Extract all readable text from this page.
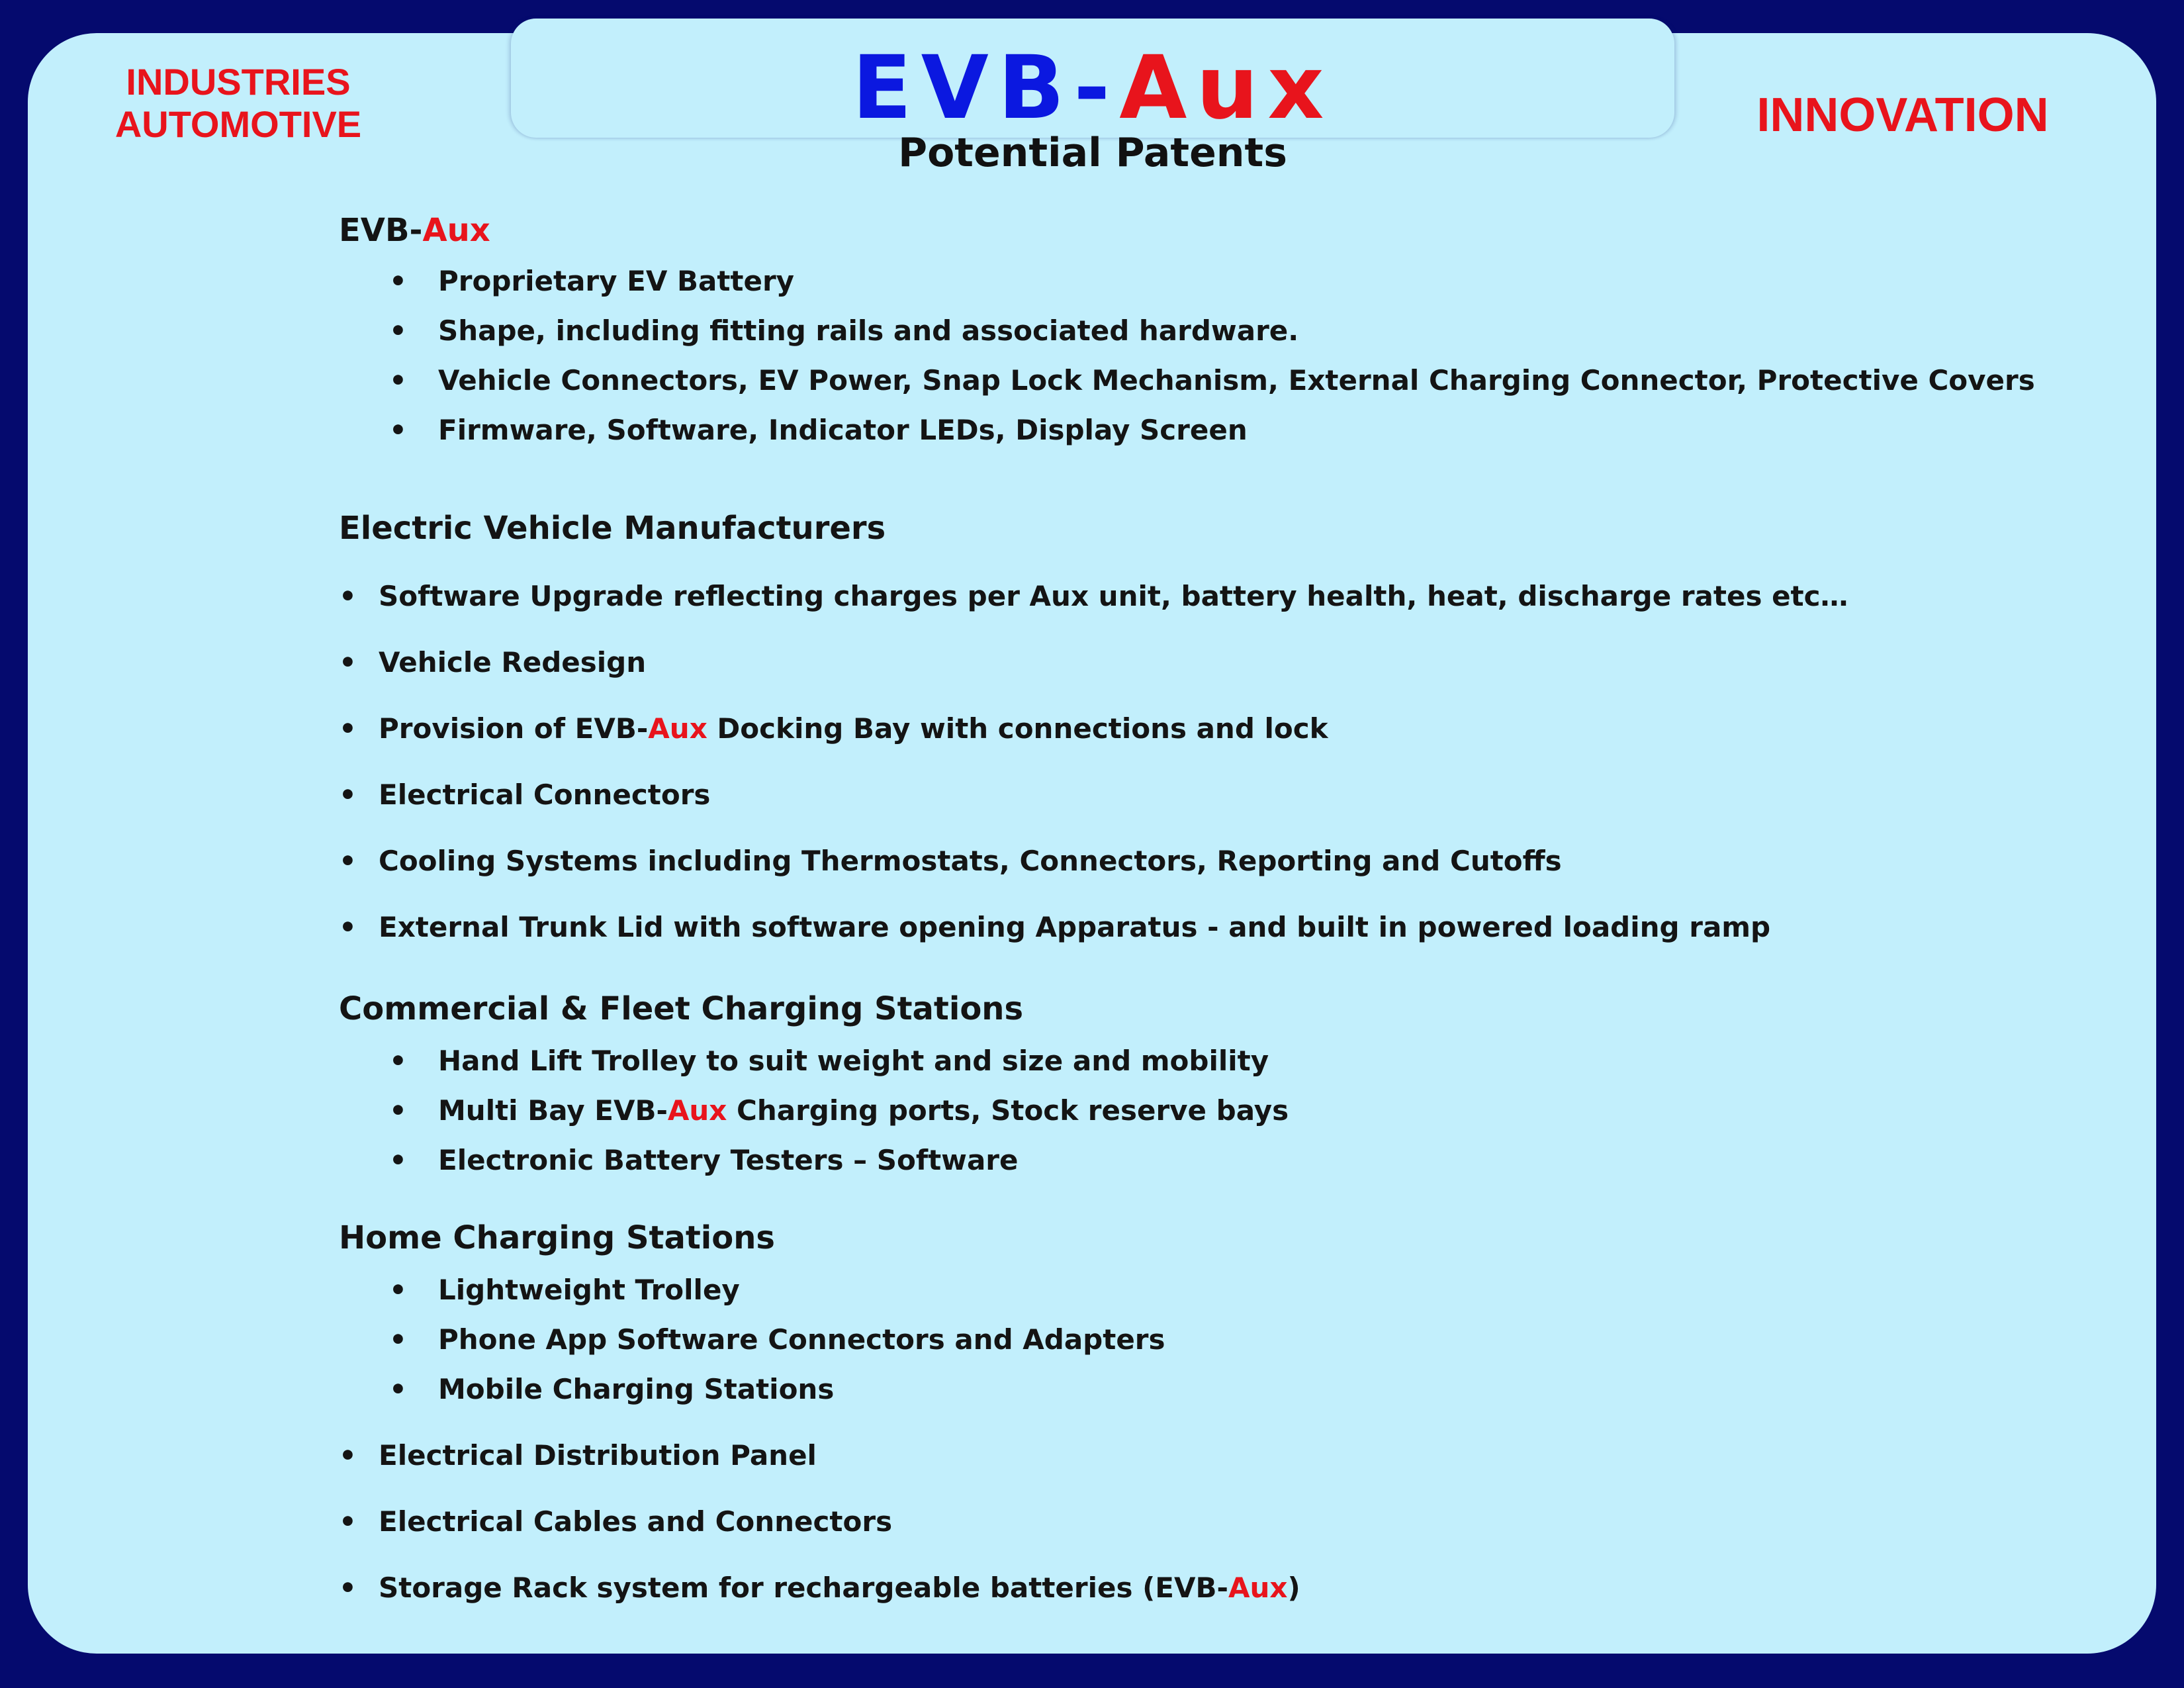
INDUSTRIES
AUTOMOTIVE	INNOVATION
EVB-Aux
Potential Patents
EVB-Aux
• Proprietary EV Battery
• Shape, including fitting rails and associated hardware.
• Vehicle Connectors, EV Power, Snap Lock Mechanism, External Charging Connector, Protective Covers
• Firmware, Software, Indicator LEDs, Display Screen
Electric Vehicle Manufacturers
• Software Upgrade reflecting charges per Aux unit, battery health, heat, discharge rates etc…
• Vehicle Redesign
• Provision of EVB-Aux Docking Bay with connections and lock
• Electrical Connectors
• Cooling Systems including Thermostats, Connectors, Reporting and Cutoffs
• External Trunk Lid with software opening Apparatus - and built in powered loading ramp
Commercial & Fleet Charging Stations
• Hand Lift Trolley to suit weight and size and mobility
• Multi Bay EVB-Aux Charging ports, Stock reserve bays
• Electronic Battery Testers – Software
Home Charging Stations
• Lightweight Trolley
• Phone App Software Connectors and Adapters
• Mobile Charging Stations
• Electrical Distribution Panel
• Electrical Cables and Connectors
• Storage Rack system for rechargeable batteries (EVB-Aux)
